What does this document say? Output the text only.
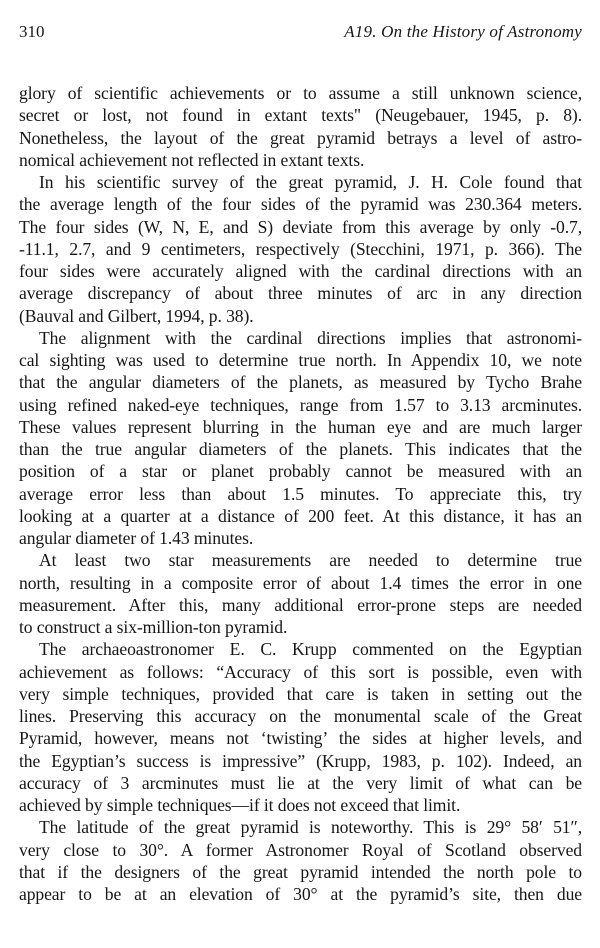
310	A19. On the History of Astronomy
glory of scientific achievements or to assume a still unknown science,
secret or lost, not found in extant texts" (Neugebauer, 1945, p. 8).
Nonetheless, the layout of the great pyramid betrays a level of astro-
nomical achievement not reflected in extant texts.
In his scientific survey of the great pyramid, J. H. Cole found that
the average length of the four sides of the pyramid was 230.364 meters.
The four sides (W, N, E, and S) deviate from this average by only -0.7,
-11.1, 2.7, and 9 centimeters, respectively (Stecchini, 1971, p. 366). The
four sides were accurately aligned with the cardinal directions with an
average discrepancy of about three minutes of arc in any direction
(Bauval and Gilbert, 1994, p. 38).
The alignment with the cardinal directions implies that astronomi-
cal sighting was used to determine true north. In Appendix 10, we note
that the angular diameters of the planets, as measured by Tycho Brahe
using refined naked-eye techniques, range from 1.57 to 3.13 arcminutes.
These values represent blurring in the human eye and are much larger
than the true angular diameters of the planets. This indicates that the
position of a star or planet probably cannot be measured with an
average error less than about 1.5 minutes. To appreciate this, try
looking at a quarter at a distance of 200 feet. At this distance, it has an
angular diameter of 1.43 minutes.
At least two star measurements are needed to determine true
north, resulting in a composite error of about 1.4 times the error in one
measurement. After this, many additional error-prone steps are needed
to construct a six-million-ton pyramid.
The archaeoastronomer E. C. Krupp commented on the Egyptian
achievement as follows: “Accuracy of this sort is possible, even with
very simple techniques, provided that care is taken in setting out the
lines. Preserving this accuracy on the monumental scale of the Great
Pyramid, however, means not ‘twisting’ the sides at higher levels, and
the Egyptian’s success is impressive” (Krupp, 1983, p. 102). Indeed, an
accuracy of 3 arcminutes must lie at the very limit of what can be
achieved by simple techniques—if it does not exceed that limit.
The latitude of the great pyramid is noteworthy. This is 29° 58′ 51″,
very close to 30°. A former Astronomer Royal of Scotland observed
that if the designers of the great pyramid intended the north pole to
appear to be at an elevation of 30° at the pyramid’s site, then due
